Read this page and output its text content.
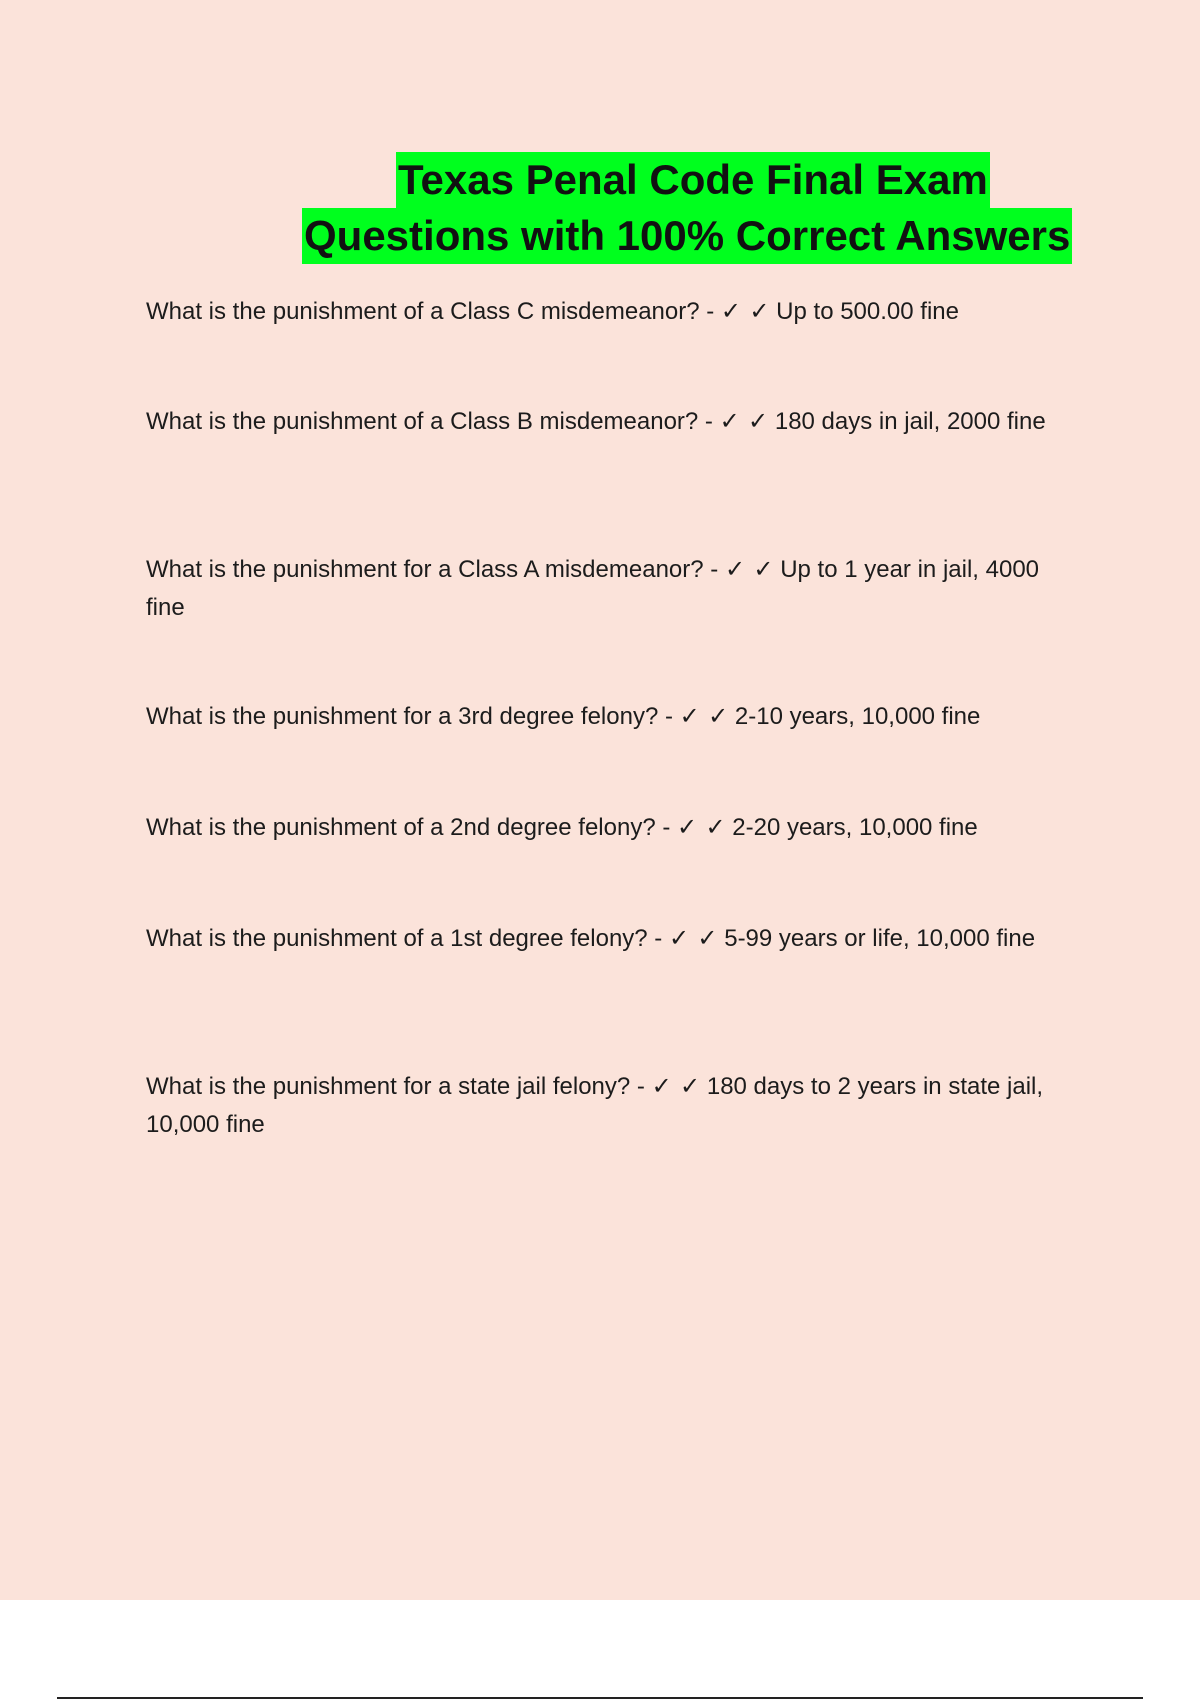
Texas Penal Code Final Exam
Questions with 100% Correct Answers
What is the punishment of a Class C misdemeanor? - ✓ ✓ Up to 500.00 fine
What is the punishment of a Class B misdemeanor? - ✓ ✓ 180 days in jail, 2000 fine
What is the punishment for a Class A misdemeanor? - ✓ ✓ Up to 1 year in jail, 4000 fine
What is the punishment for a 3rd degree felony? - ✓ ✓ 2-10 years, 10,000 fine
What is the punishment of a 2nd degree felony? - ✓ ✓ 2-20 years, 10,000 fine
What is the punishment of a 1st degree felony? - ✓ ✓ 5-99 years or life, 10,000 fine
What is the punishment for a state jail felony? - ✓ ✓ 180 days to 2 years in state jail, 10,000 fine
